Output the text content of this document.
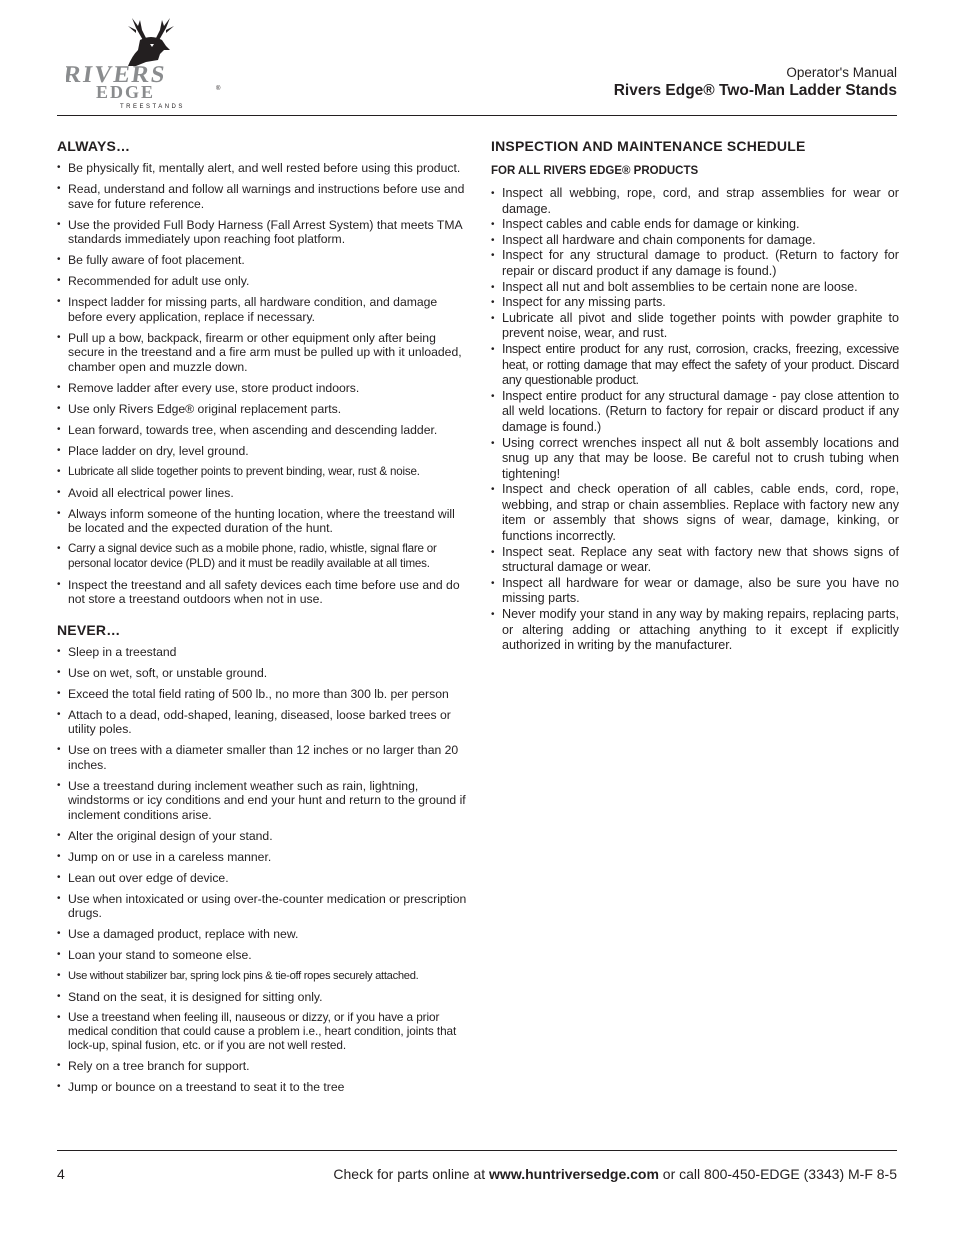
RIVERS
EDGE	®
TREESTANDS
Operator's Manual
Rivers Edge® Two-Man Ladder Stands
ALWAYS…
• Be physically fit, mentally alert, and well rested before using this product.
• Read, understand and follow all warnings and instructions before use and save for future reference.
• Use the provided Full Body Harness (Fall Arrest System) that meets TMA standards immediately upon reaching foot platform.
• Be fully aware of foot placement.
• Recommended for adult use only.
• Inspect ladder for missing parts, all hardware condition, and damage before every application, replace if necessary.
• Pull up a bow, backpack, firearm or other equipment only after being secure in the treestand and a fire arm must be pulled up with it unloaded, chamber open and muzzle down.
• Remove ladder after every use, store product indoors.
• Use only Rivers Edge® original replacement parts.
• Lean forward, towards tree, when ascending and descending ladder.
• Place ladder on dry, level ground.
• Lubricate all slide together points to prevent binding, wear, rust & noise.
• Avoid all electrical power lines.
• Always inform someone of the hunting location, where the treestand will be located and the expected duration of the hunt.
• Carry a signal device such as a mobile phone, radio, whistle, signal flare or personal locator device (PLD) and it must be readily available at all times.
• Inspect the treestand and all safety devices each time before use and do not store a treestand outdoors when not in use.
NEVER…
• Sleep in a treestand
• Use on wet, soft, or unstable ground.
• Exceed the total field rating of 500 lb., no more than 300 lb. per person
• Attach to a dead, odd-shaped, leaning, diseased, loose barked trees or utility poles.
• Use on trees with a diameter smaller than 12 inches or no larger than 20 inches.
• Use a treestand during inclement weather such as rain, lightning, windstorms or icy conditions and end your hunt and return to the ground if inclement conditions arise.
• Alter the original design of your stand.
• Jump on or use in a careless manner.
• Lean out over edge of device.
• Use when intoxicated or using over-the-counter medication or prescription drugs.
• Use a damaged product, replace with new.
• Loan your stand to someone else.
• Use without stabilizer bar, spring lock pins & tie-off ropes securely attached.
• Stand on the seat, it is designed for sitting only.
• Use a treestand when feeling ill, nauseous or dizzy, or if you have a prior medical condition that could cause a problem i.e., heart condition, joints that lock-up, spinal fusion, etc. or if you are not well rested.
• Rely on a tree branch for support.
• Jump or bounce on a treestand to seat it to the tree
INSPECTION AND MAINTENANCE SCHEDULE
FOR ALL RIVERS EDGE® PRODUCTS
• Inspect all webbing, rope, cord, and strap assemblies for wear or damage.
• Inspect cables and cable ends for damage or kinking.
• Inspect all hardware and chain components for damage.
• Inspect for any structural damage to product. (Return to factory for repair or discard product if any damage is found.)
• Inspect all nut and bolt assemblies to be certain none are loose.
• Inspect for any missing parts.
• Lubricate all pivot and slide together points with powder graphite to prevent noise, wear, and rust.
• Inspect entire product for any rust, corrosion, cracks, freezing, excessive heat, or rotting damage that may effect the safety of your product. Discard any questionable product.
• Inspect entire product for any structural damage - pay close attention to all weld locations. (Return to factory for repair or discard product if any damage is found.)
• Using correct wrenches inspect all nut & bolt assembly locations and snug up any that may be loose. Be careful not to crush tubing when tightening!
• Inspect and check operation of all cables, cable ends, cord, rope, webbing, and strap or chain assemblies. Replace with factory new any item or assembly that shows signs of wear, damage, kinking, or functions incorrectly.
• Inspect seat. Replace any seat with factory new that shows signs of structural damage or wear.
• Inspect all hardware for wear or damage, also be sure you have no missing parts.
• Never modify your stand in any way by making repairs, replacing parts, or altering adding or attaching anything to it except if explicitly authorized in writing by the manufacturer.
4	Check for parts online at www.huntriversedge.com or call 800-450-EDGE (3343) M-F 8-5
